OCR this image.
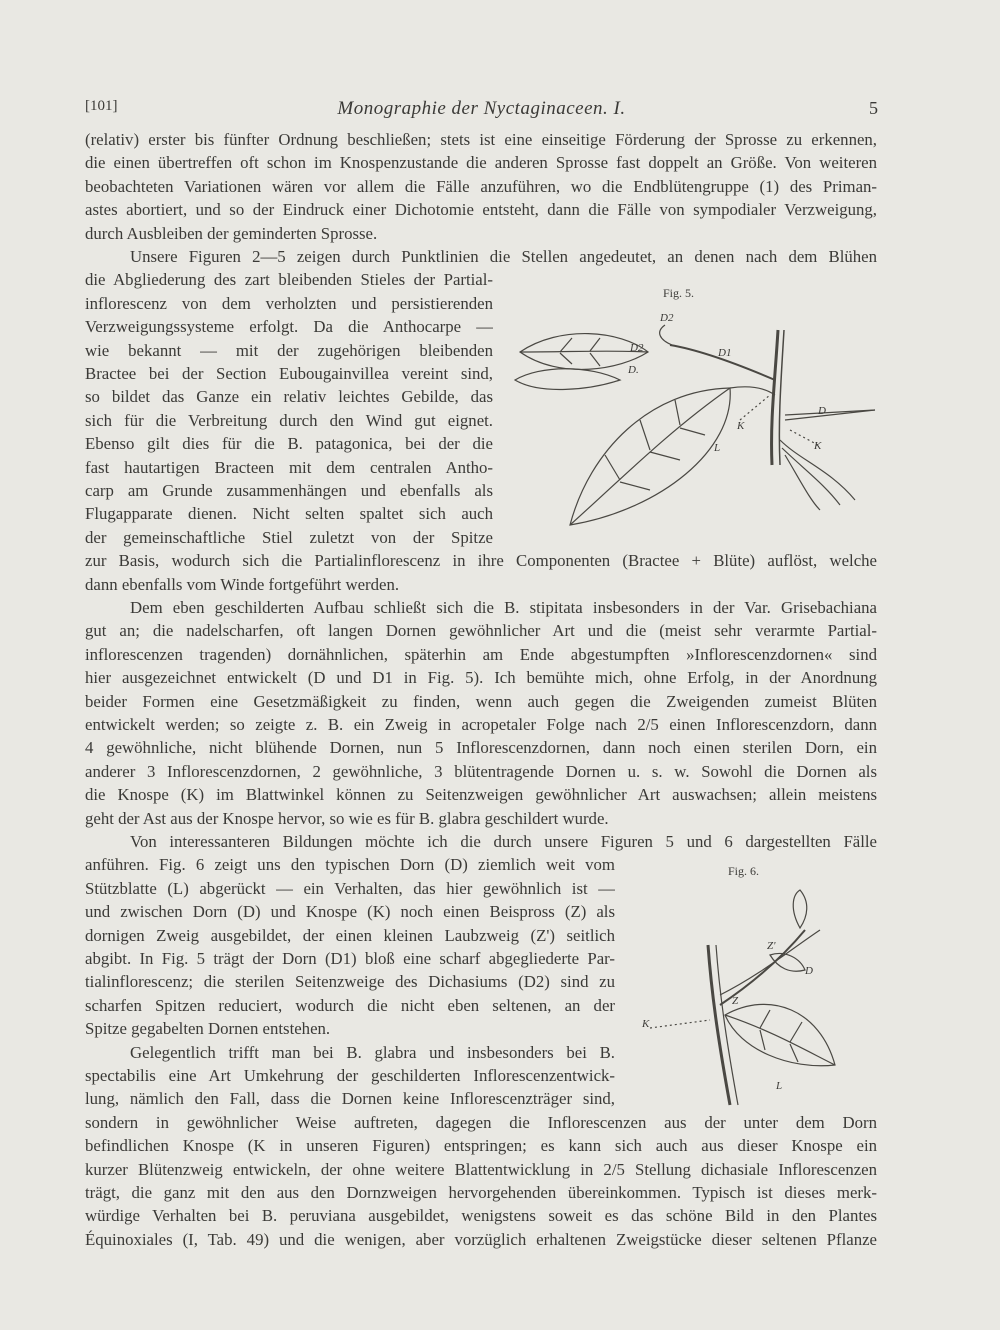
[101]	Monographie der Nyctaginaceen. I.	5
(relativ) erster bis fünfter Ordnung beschließen; stets ist eine einseitige Förderung der Sprosse zu erkennen,
die einen übertreffen oft schon im Knospenzustande die anderen Sprosse fast doppelt an Größe. Von weiteren
beobachteten Variationen wären vor allem die Fälle anzuführen, wo die Endblütengruppe (1) des Priman-
astes abortiert, und so der Eindruck einer Dichotomie entsteht, dann die Fälle von sympodialer Verzweigung,
durch Ausbleiben der geminderten Sprosse.
Unsere Figuren 2—5 zeigen durch Punktlinien die Stellen angedeutet, an denen nach dem Blühen
die Abgliederung des zart bleibenden Stieles der Partial-
inflorescenz von dem verholzten und persistierenden
Verzweigungssysteme erfolgt. Da die Anthocarpe —
wie bekannt — mit der zugehörigen bleibenden
Bractee bei der Section Eubougainvillea vereint sind,
so bildet das Ganze ein relativ leichtes Gebilde, das
sich für die Verbreitung durch den Wind gut eignet.
Ebenso gilt dies für die B. patagonica, bei der die
fast hautartigen Bracteen mit dem centralen Antho-
carp am Grunde zusammenhängen und ebenfalls als
Flugapparate dienen. Nicht selten spaltet sich auch
der gemeinschaftliche Stiel zuletzt von der Spitze
zur Basis, wodurch sich die Partialinflorescenz in ihre Componenten (Bractee + Blüte) auflöst, welche
dann ebenfalls vom Winde fortgeführt werden.
Dem eben geschilderten Aufbau schließt sich die B. stipitata insbesonders in der Var. Grisebachiana
gut an; die nadelscharfen, oft langen Dornen gewöhnlicher Art und die (meist sehr verarmte Partial-
inflorescenzen tragenden) dornähnlichen, späterhin am Ende abgestumpften »Inflorescenzdornen« sind
hier ausgezeichnet entwickelt (D und D1 in Fig. 5). Ich bemühte mich, ohne Erfolg, in der Anordnung
beider Formen eine Gesetzmäßigkeit zu finden, wenn auch gegen die Zweigenden zumeist Blüten
entwickelt werden; so zeigte z. B. ein Zweig in acropetaler Folge nach 2/5 einen Inflorescenzdorn, dann
4 gewöhnliche, nicht blühende Dornen, nun 5 Inflorescenzdornen, dann noch einen sterilen Dorn, ein
anderer 3 Inflorescenzdornen, 2 gewöhnliche, 3 blütentragende Dornen u. s. w. Sowohl die Dornen als
die Knospe (K) im Blattwinkel können zu Seitenzweigen gewöhnlicher Art auswachsen; allein meistens
geht der Ast aus der Knospe hervor, so wie es für B. glabra geschildert wurde.
Von interessanteren Bildungen möchte ich die durch unsere Figuren 5 und 6 dargestellten Fälle
anführen. Fig. 6 zeigt uns den typischen Dorn (D) ziemlich weit vom
Stützblatte (L) abgerückt — ein Verhalten, das hier gewöhnlich ist —
und zwischen Dorn (D) und Knospe (K) noch einen Beispross (Z) als
dornigen Zweig ausgebildet, der einen kleinen Laubzweig (Z') seitlich
abgibt. In Fig. 5 trägt der Dorn (D1) bloß eine scharf abgegliederte Par-
tialinflorescenz; die sterilen Seitenzweige des Dichasiums (D2) sind zu
scharfen Spitzen reduciert, wodurch die nicht eben seltenen, an der
Spitze gegabelten Dornen entstehen.
Gelegentlich trifft man bei B. glabra und insbesonders bei B.
spectabilis eine Art Umkehrung der geschilderten Inflorescenzentwick-
lung, nämlich den Fall, dass die Dornen keine Inflorescenzträger sind,
sondern in gewöhnlicher Weise auftreten, dagegen die Inflorescenzen aus der unter dem Dorn
befindlichen Knospe (K in unseren Figuren) entspringen; es kann sich auch aus dieser Knospe ein
kurzer Blütenzweig entwickeln, der ohne weitere Blattentwicklung in 2/5 Stellung dichasiale Inflorescenzen
trägt, die ganz mit den aus den Dornzweigen hervorgehenden übereinkommen. Typisch ist dieses merk-
würdige Verhalten bei B. peruviana ausgebildet, wenigstens soweit es das schöne Bild in den Plantes
Équinoxiales (I, Tab. 49) und die wenigen, aber vorzüglich erhaltenen Zweigstücke dieser seltenen Pflanze
Fig. 5.
D2
D2
D.
D1
K
D
K
L
Fig. 6.
Z'
D
Z
K
L
